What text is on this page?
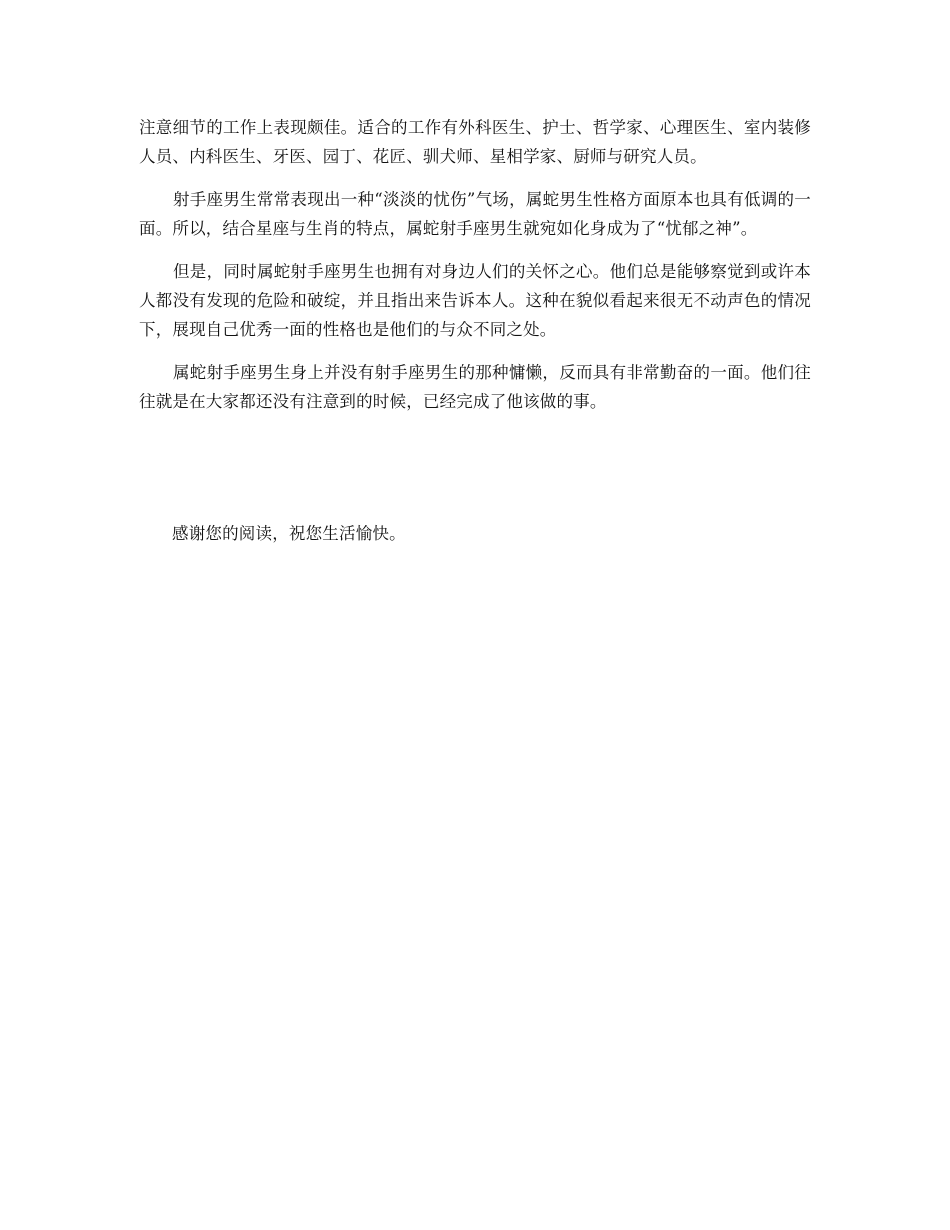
注意细节的工作上表现颇佳。适合的工作有外科医生、护士、哲学家、心理医生、室内装修人员、内科医生、牙医、园丁、花匠、驯犬师、星相学家、厨师与研究人员。

射手座男生常常表现出一种“淡淡的忧伤”气场，属蛇男生性格方面原本也具有低调的一面。所以，结合星座与生肖的特点，属蛇射手座男生就宛如化身成为了“忧郁之神”。

但是，同时属蛇射手座男生也拥有对身边人们的关怀之心。他们总是能够察觉到或许本人都没有发现的危险和破绽，并且指出来告诉本人。这种在貌似看起来很无不动声色的情况下，展现自己优秀一面的性格也是他们的与众不同之处。

属蛇射手座男生身上并没有射手座男生的那种慵懒，反而具有非常勤奋的一面。他们往往就是在大家都还没有注意到的时候，已经完成了他该做的事。

感谢您的阅读，祝您生活愉快。
